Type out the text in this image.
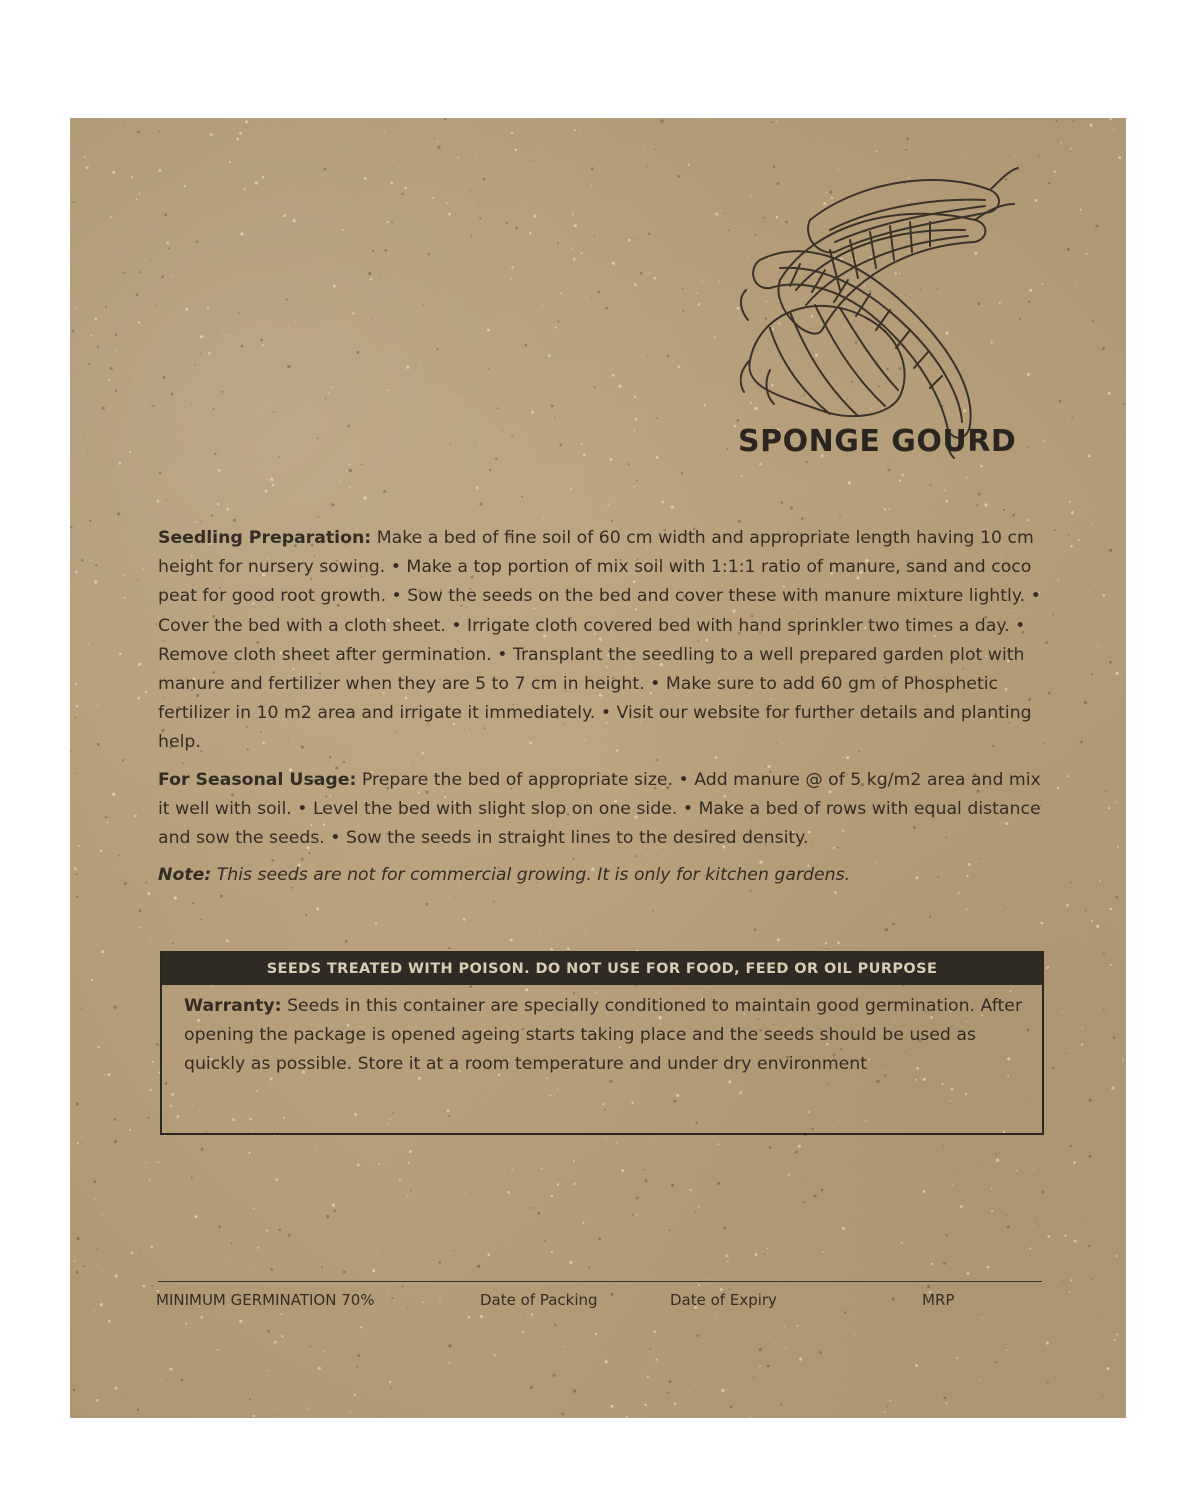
SPONGE GOURD

Seedling Preparation: Make a bed of fine soil of 60 cm width and appropriate length having 10 cm height for nursery sowing. • Make a top portion of mix soil with 1:1:1 ratio of manure, sand and coco peat for good root growth. • Sow the seeds on the bed and cover these with manure mixture lightly. • Cover the bed with a cloth sheet. • Irrigate cloth covered bed with hand sprinkler two times a day. • Remove cloth sheet after germination. • Transplant the seedling to a well prepared garden plot with manure and fertilizer when they are 5 to 7 cm in height. • Make sure to add 60 gm of Phosphetic fertilizer in 10 m2 area and irrigate it immediately. • Visit our website for further details and planting help.

For Seasonal Usage: Prepare the bed of appropriate size. • Add manure @ of 5 kg/m2 area and mix it well with soil. • Level the bed with slight slop on one side. • Make a bed of rows with equal distance and sow the seeds. • Sow the seeds in straight lines to the desired density.

Note: This seeds are not for commercial growing. It is only for kitchen gardens.

SEEDS TREATED WITH POISON. DO NOT USE FOR FOOD, FEED OR OIL PURPOSE
Warranty: Seeds in this container are specially conditioned to maintain good germination. After opening the package is opened ageing starts taking place and the seeds should be used as quickly as possible. Store it at a room temperature and under dry environment
MINIMUM GERMINATION 70%	Date of Packing	Date of Expiry	MRP
